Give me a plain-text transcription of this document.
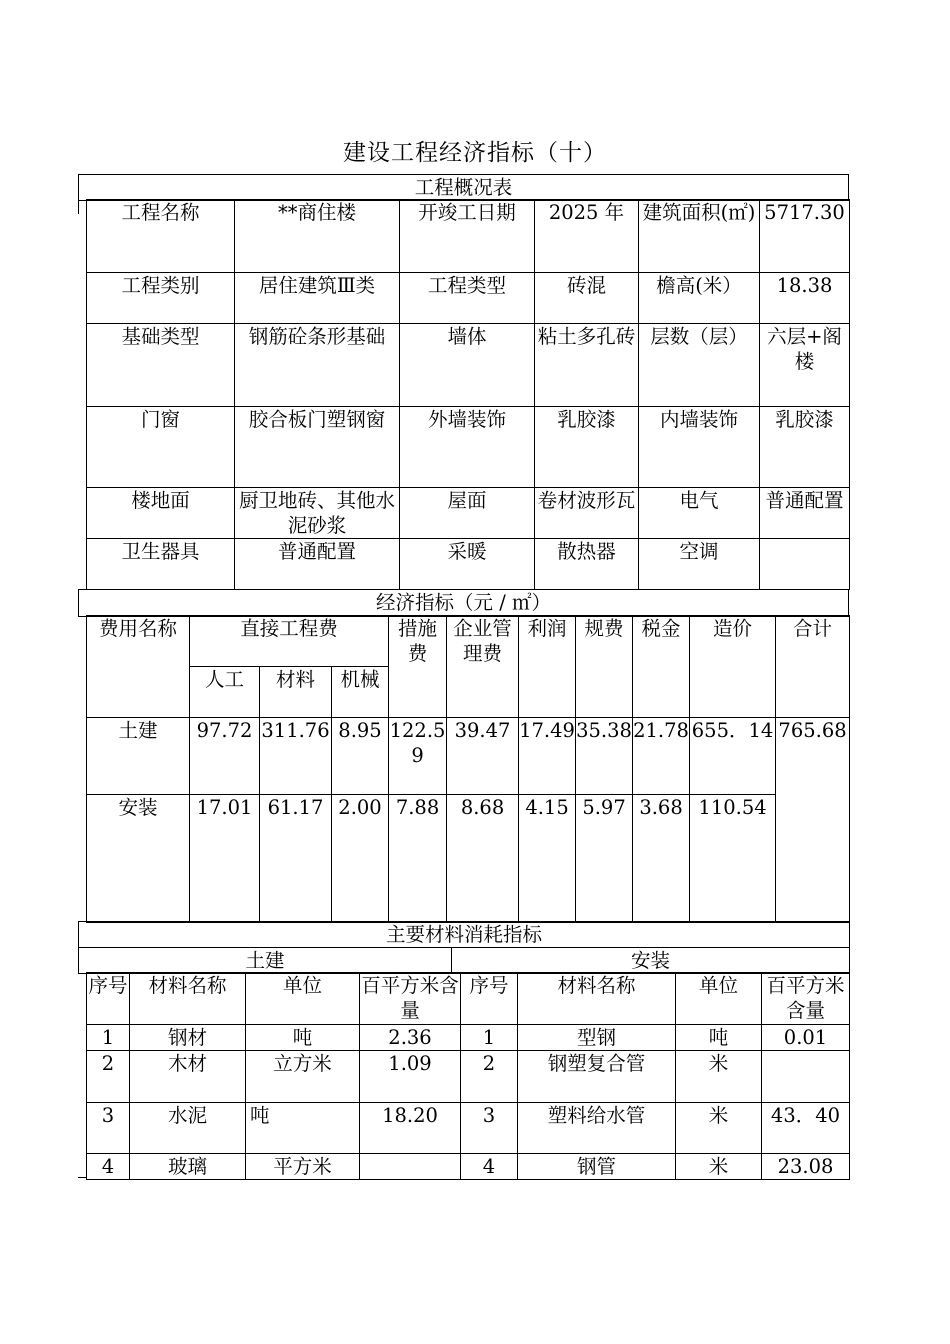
建设工程经济指标（十）
工程概况表
工程名称	**商住楼	开竣工日期	2025 年	建筑面积(㎡)	5717.30
工程类别	居住建筑Ⅲ类	工程类型	砖混	檐高(米）	18.38
基础类型	钢筋砼条形基础	墙体	粘土多孔砖	层数（层）	六层+阁楼
门窗	胶合板门塑钢窗	外墙装饰	乳胶漆	内墙装饰	乳胶漆
楼地面	厨卫地砖、其他水泥砂浆	屋面	卷材波形瓦	电气	普通配置
卫生器具	普通配置	采暖	散热器	空调	
经济指标（元 / ㎡）
费用名称	直接工程费			措施费	企业管理费	利润	规费	税金	造价	合计
	人工	材料	机械							
土建	97.72	311.76	8.95	122.59	39.47	17.49	35.38	21.78	655．14	765.68
安装	17.01	61.17	2.00	7.88	8.68	4.15	5.97	3.68	110.54	
主要材料消耗指标
土建	安装
序号	材料名称	单位	百平方米含量	序号	材料名称	单位	百平方米含量
1	钢材	吨	2.36	1	型钢	吨	0.01
2	木材	立方米	1.09	2	钢塑复合管	米	
3	水泥	吨	18.20	3	塑料给水管	米	43．40
4	玻璃	平方米		4	钢管	米	23.08
